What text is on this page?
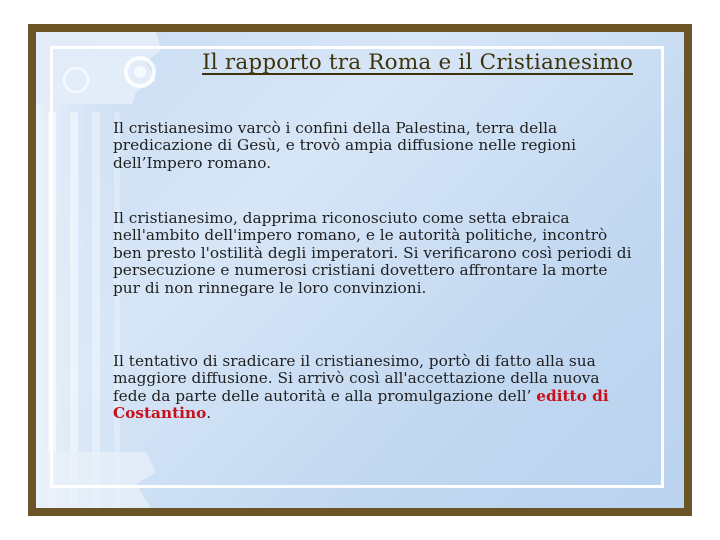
Il rapporto tra Roma e il Cristianesimo

Il cristianesimo varcò i confini della Palestina, terra della predicazione di Gesù, e trovò ampia diffusione nelle regioni dell’Impero romano.

Il cristianesimo, dapprima riconosciuto come setta ebraica nell'ambito dell'impero romano, e le autorità politiche, incontrò ben presto l'ostilità degli imperatori. Si verificarono così periodi di persecuzione e numerosi cristiani dovettero affrontare la morte pur di non rinnegare le loro convinzioni.

Il tentativo di sradicare il cristianesimo, portò di fatto alla sua maggiore diffusione. Si arrivò così all'accettazione della nuova fede da parte delle autorità e alla promulgazione dell’ editto di Costantino.
